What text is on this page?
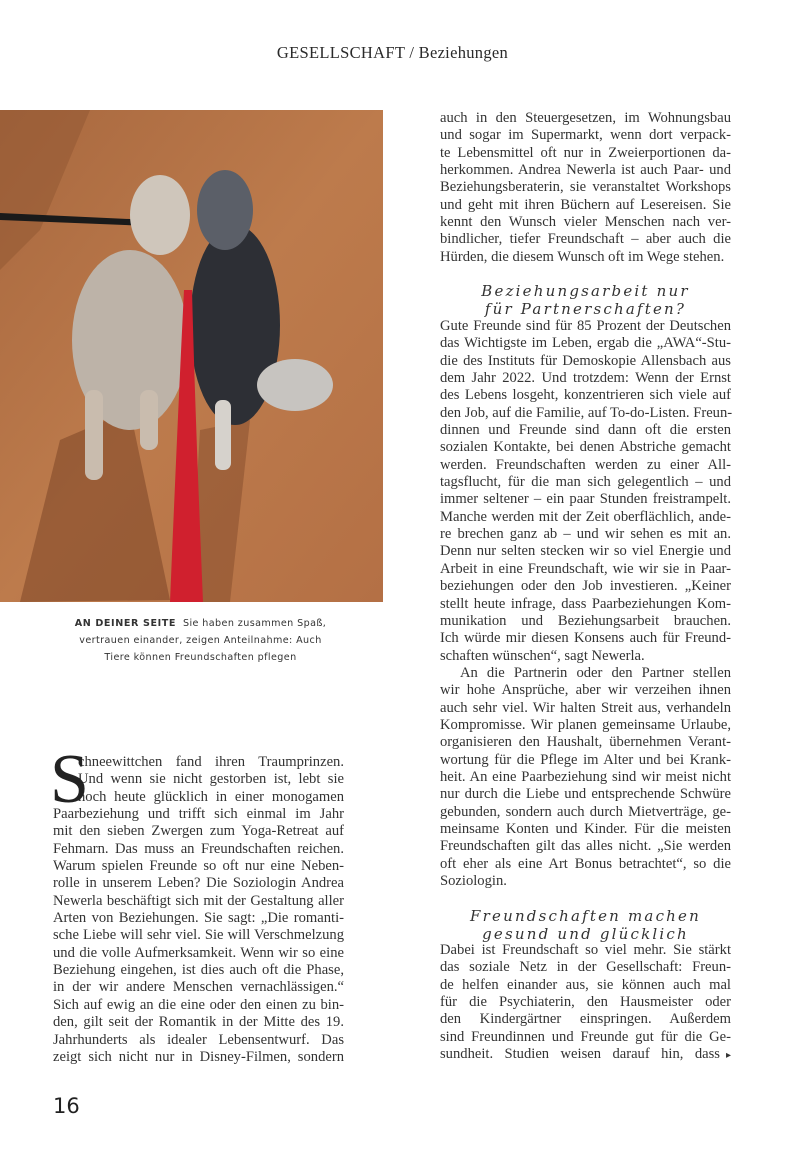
GESELLSCHAFT / Beziehungen
AN DEINER SEITE Sie haben zusammen Spaß,
vertrauen einander, zeigen Anteilnahme: Auch
Tiere können Freundschaften pflegen
S
chneewittchen fand ihren Traumprinzen.
Und wenn sie nicht gestorben ist, lebt sie
noch heute glücklich in einer monogamen
Paarbeziehung und trifft sich einmal im Jahr
mit den sieben Zwergen zum Yoga-Retreat auf
Fehmarn. Das muss an Freundschaften reichen.
Warum spielen Freunde so oft nur eine Neben-
rolle in unserem Leben? Die Soziologin Andrea
Newerla beschäftigt sich mit der Gestaltung aller
Arten von Beziehungen. Sie sagt: „Die romanti-
sche Liebe will sehr viel. Sie will Verschmelzung
und die volle Aufmerksamkeit. Wenn wir so eine
Beziehung eingehen, ist dies auch oft die Phase,
in der wir andere Menschen vernachlässigen.“
Sich auf ewig an die eine oder den einen zu bin-
den, gilt seit der Romantik in der Mitte des 19.
Jahrhunderts als idealer Lebensentwurf. Das
zeigt sich nicht nur in Disney-Filmen, sondern
auch in den Steuergesetzen, im Wohnungsbau
und sogar im Supermarkt, wenn dort verpack-
te Lebensmittel oft nur in Zweierportionen da-
herkommen. Andrea Newerla ist auch Paar- und
Beziehungsberaterin, sie veranstaltet Workshops
und geht mit ihren Büchern auf Lesereisen. Sie
kennt den Wunsch vieler Menschen nach ver-
bindlicher, tiefer Freundschaft – aber auch die
Hürden, die diesem Wunsch oft im Wege stehen.
Beziehungsarbeit nur
für Partnerschaften?
Gute Freunde sind für 85 Prozent der Deutschen
das Wichtigste im Leben, ergab die „AWA“-Stu-
die des Instituts für Demoskopie Allensbach aus
dem Jahr 2022. Und trotzdem: Wenn der Ernst
des Lebens losgeht, konzentrieren sich viele auf
den Job, auf die Familie, auf To-do-Listen. Freun-
dinnen und Freunde sind dann oft die ersten
sozialen Kontakte, bei denen Abstriche gemacht
werden. Freundschaften werden zu einer All-
tagsflucht, für die man sich gelegentlich – und
immer seltener – ein paar Stunden freistrampelt.
Manche werden mit der Zeit oberflächlich, ande-
re brechen ganz ab – und wir sehen es mit an.
Denn nur selten stecken wir so viel Energie und
Arbeit in eine Freundschaft, wie wir sie in Paar-
beziehungen oder den Job investieren. „Keiner
stellt heute infrage, dass Paarbeziehungen Kom-
munikation und Beziehungsarbeit brauchen.
Ich würde mir diesen Konsens auch für Freund-
schaften wünschen“, sagt Newerla.
An die Partnerin oder den Partner stellen
wir hohe Ansprüche, aber wir verzeihen ihnen
auch sehr viel. Wir halten Streit aus, verhandeln
Kompromisse. Wir planen gemeinsame Urlaube,
organisieren den Haushalt, übernehmen Verant-
wortung für die Pflege im Alter und bei Krank-
heit. An eine Paarbeziehung sind wir meist nicht
nur durch die Liebe und entsprechende Schwüre
gebunden, sondern auch durch Mietverträge, ge-
meinsame Konten und Kinder. Für die meisten
Freundschaften gilt das alles nicht. „Sie werden
oft eher als eine Art Bonus betrachtet“, so die
Soziologin.
Freundschaften machen
gesund und glücklich
Dabei ist Freundschaft so viel mehr. Sie stärkt
das soziale Netz in der Gesellschaft: Freun-
de helfen einander aus, sie können auch mal
für die Psychiaterin, den Hausmeister oder
den Kindergärtner einspringen. Außerdem
sind Freundinnen und Freunde gut für die Ge-
sundheit. Studien weisen darauf hin, dass ▸
16
